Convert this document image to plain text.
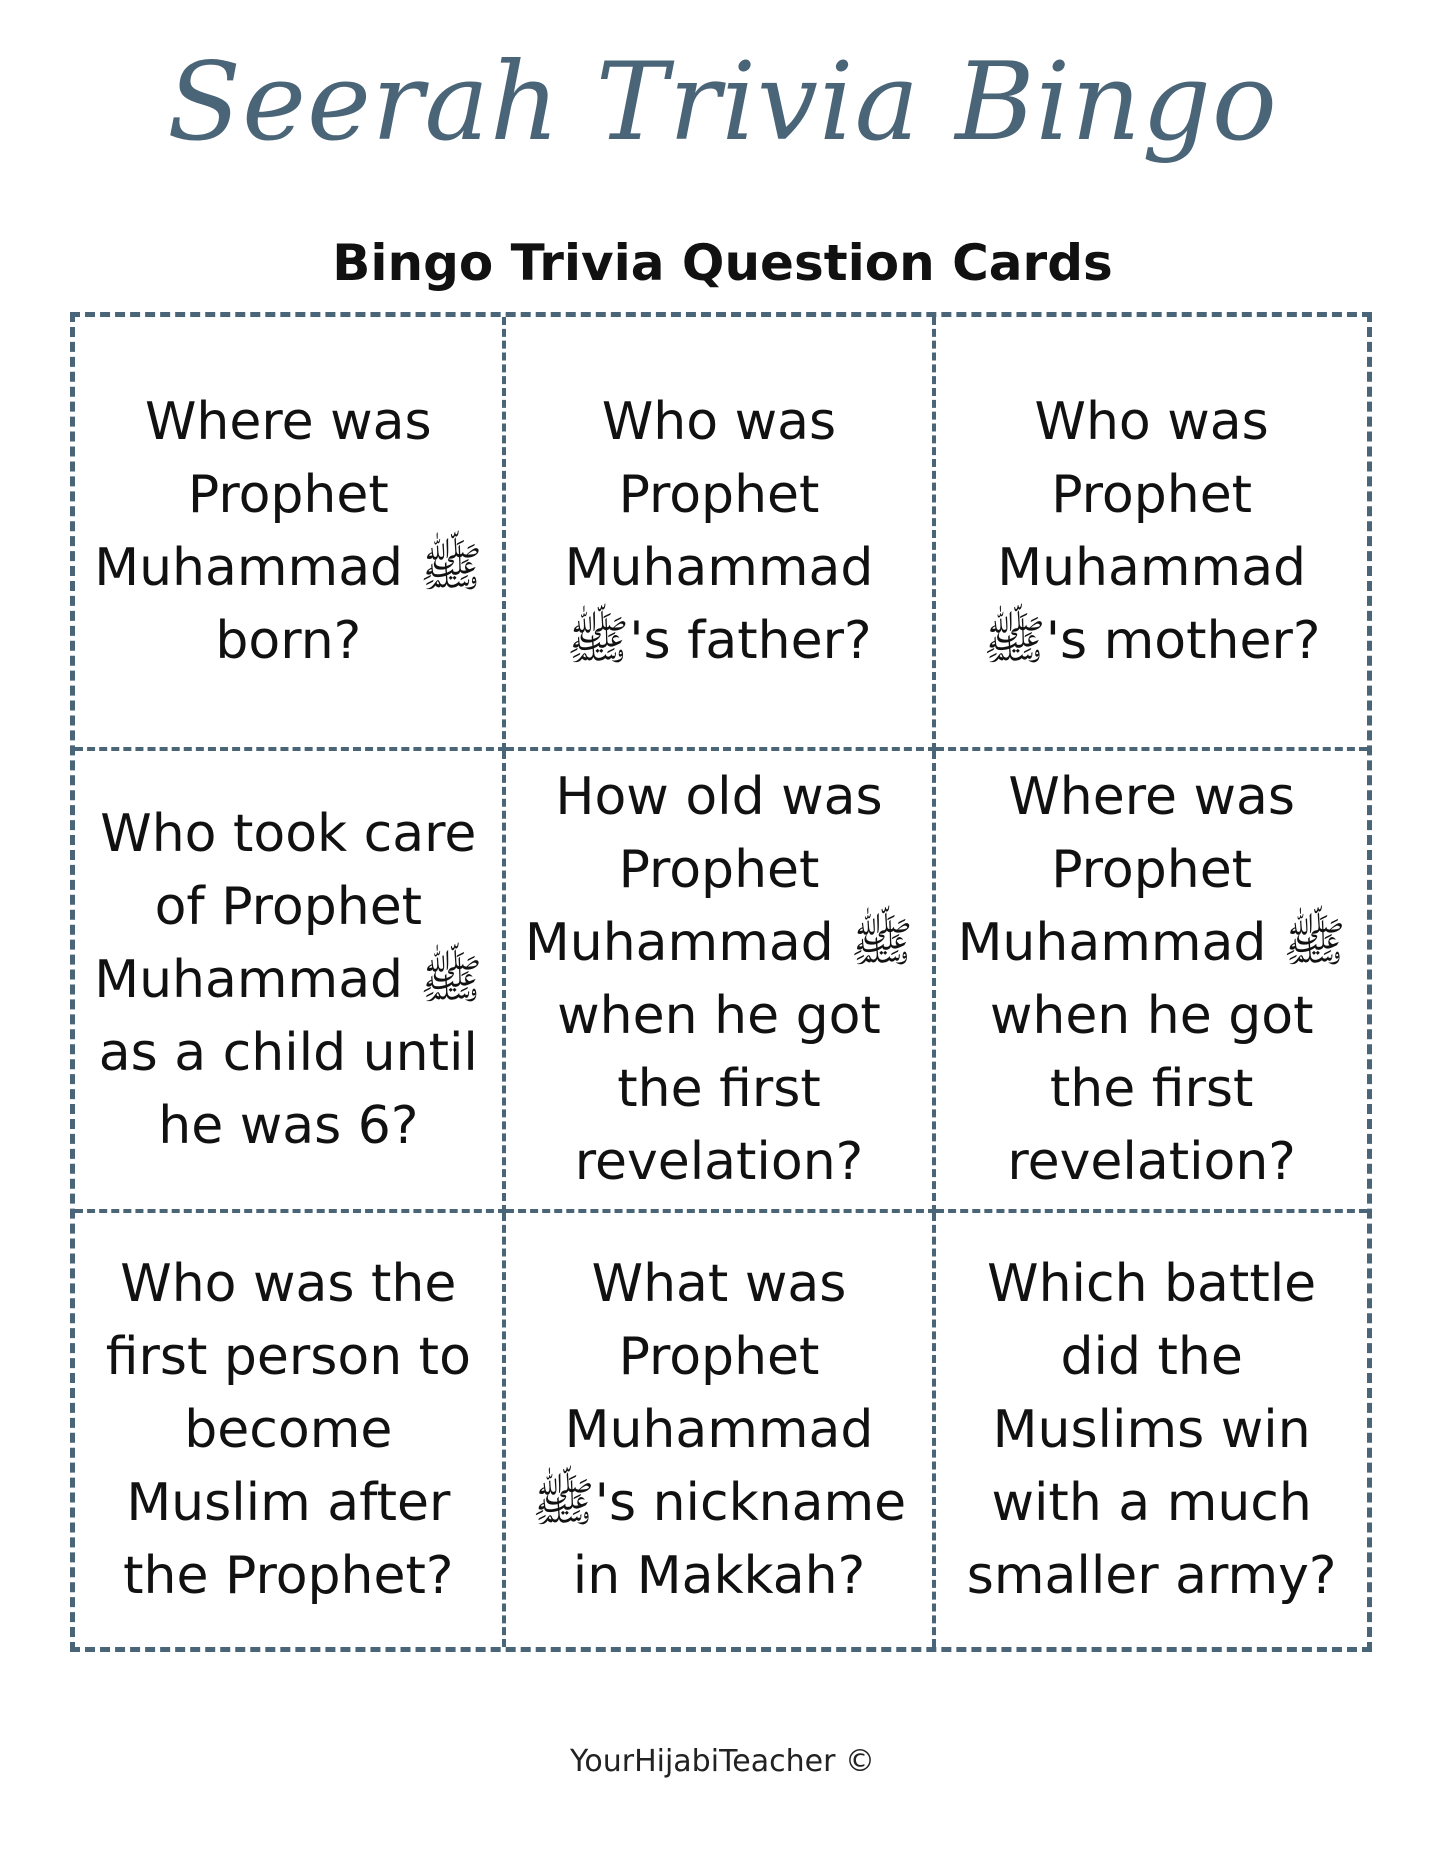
Seerah Trivia Bingo
Bingo Trivia Question Cards
Where was Prophet Muhammad ﷺ born?
Who was Prophet Muhammad ﷺ's father?
Who was Prophet Muhammad ﷺ's mother?
Who took care of Prophet Muhammad ﷺ as a child until he was 6?
How old was Prophet Muhammad ﷺ when he got the first revelation?
Where was Prophet Muhammad ﷺ when he got the first revelation?
Who was the first person to become Muslim after the Prophet?
What was Prophet Muhammad ﷺ's nickname in Makkah?
Which battle did the Muslims win with a much smaller army?
YourHijabiTeacher ©
